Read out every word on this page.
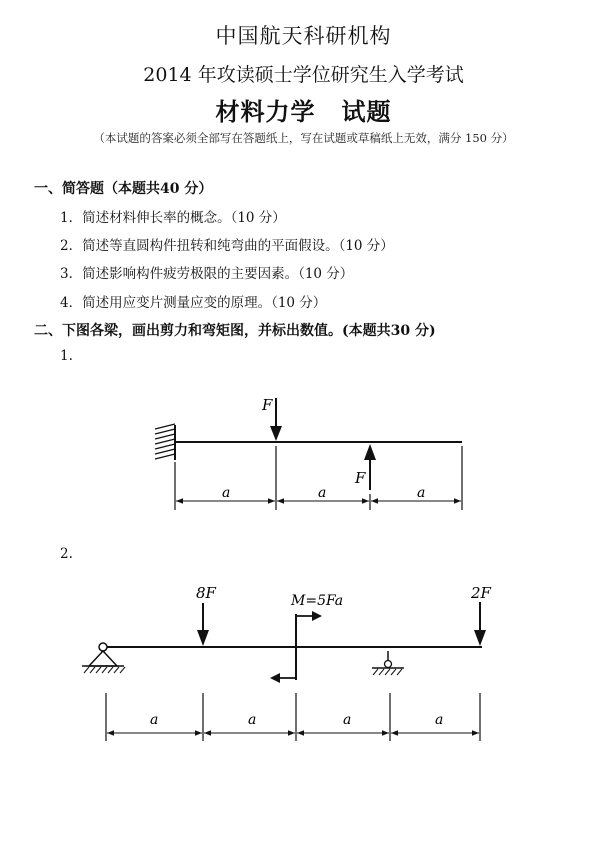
中国航天科研机构
2014 年攻读硕士学位研究生入学考试
材料力学 试题
（本试题的答案必须全部写在答题纸上，写在试题或草稿纸上无效，满分 150 分）
一、简答题（本题共40 分）
1．简述材料伸长率的概念。（10 分）
2．简述等直圆构件扭转和纯弯曲的平面假设。（10 分）
3．简述影响构件疲劳极限的主要因素。（10 分）
4．简述用应变片测量应变的原理。（10 分）
二、下图各梁，画出剪力和弯矩图，并标出数值。(本题共30 分)
1.
2.
F
F
a	a	a
8F	M=5Fa	2F
a	a	a	a
